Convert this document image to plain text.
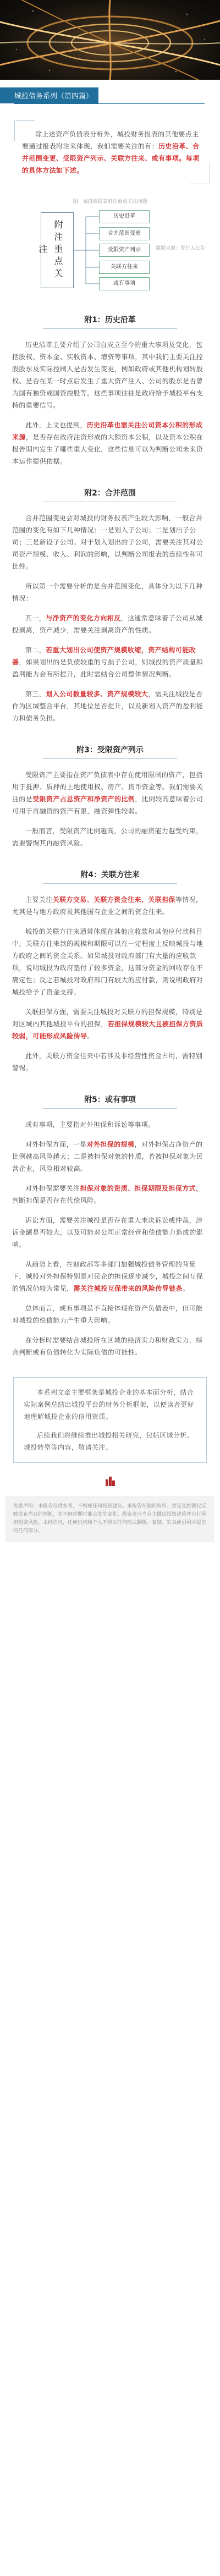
城投债务系列（第四篇）

除上述资产负债表分析外，城投财务报表的其他要点主要通过报表附注来体现，我们需要关注的有：历史沿革、合并范围变更、受限资产列示、关联方往来、或有事项。每项的具体方法如下述。

图：城投债报表附注重点关注问题
附注重点关注
历史沿革
合并范围变更
受限资产列示
关联方往来
或有事项
数据来源：发行人公告
附1：历史沿革

历史沿革主要介绍了公司自成立至今的重大事项及变化，包括股权、资本金、实收资本、增资等事项，其中我们主要关注控股股东及实际控制人是否发生变更，例如政府或其他机构划转股权、是否在某一时点后发生了重大资产注入、公司的股东是否曾为国有独资或国资控股等。这些事项往往是政府给予城投平台支持的重要信号。

此外，上文也提到，历史沿革也需关注公司资本公积的形成来源，是否存在政府注资形成的大额资本公积，以及资本公积在报告期内发生了哪些重大变化，这些信息可以为判断公司未来资本运作提供依据。

附2：合并范围

合并范围变更会对城投的财务报表产生较大影响，一般合并范围的变化有如下几种情况：一是划入子公司；二是划出子公司；三是新设子公司。对于划入划出的子公司，需要关注其对公司资产规模、收入、利润的影响，以判断公司报表的连续性和可比性。

所以第一个需要分析的是合并范围变化，具体分为以下几种情况：

其一，与净资产的变化方向相反，这通常意味着子公司从城投剥离，资产减少，需要关注剥离资产的性质。

第二，若重大划出公司使资产规模收缩，资产结构可能改善，如果划出的是负债较重的亏损子公司，则城投的资产质量和盈利能力会有所提升，此时需结合公司整体情况判断。

第三，划入公司数量较多、资产规模较大，需关注城投是否作为区域整合平台，其地位是否提升，以及新划入资产的盈利能力和债务负担。

附3：受限资产列示

受限资产主要指在资产负债表中存在使用限制的资产，包括用于抵押、质押的土地使用权、房产、货币资金等。我们需要关注的是受限资产占总资产和净资产的比例，比例较高意味着公司可用于再融资的资产有限，融资弹性较弱。

一般而言，受限资产比例越高，公司的融资能力越受约束，需要警惕其再融资风险。

附4：关联方往来

主要关注关联方交易、关联方资金往来、关联担保等情况，尤其是与地方政府及其他国有企业之间的资金往来。

城投的关联方往来通常体现在其他应收款和其他应付款科目中，关联方往来款的规模和期限可以在一定程度上反映城投与地方政府之间的资金关系。如果城投对政府部门有大量的应收款项，说明城投为政府垫付了较多资金，这部分资金的回收存在不确定性；反之若城投对政府部门有较大的应付款，则说明政府对城投给予了资金支持。

关联担保方面，需要关注城投对关联方的担保规模，特别是对区域内其他城投平台的担保，若担保规模较大且被担保方资质较弱，可能形成风险传导。

此外，关联方资金往来中若涉及非经营性资金占用，需特别警惕。

附5：或有事项

或有事项，主要指对外担保和诉讼等事项。

对外担保方面，一是对外担保的规模，对外担保占净资产的比例越高风险越大；二是被担保对象的性质，若被担保对象为民营企业，风险相对较高。

对外担保需要关注担保对象的资质、担保期限及担保方式，判断担保是否存在代偿风险。

诉讼方面，需要关注城投是否存在重大未决诉讼或仲裁，涉诉金额是否较大，以及可能对公司正常经营和偿债能力造成的影响。

从趋势上看，在财政部等多部门加强城投债务管理的背景下，城投对外担保特别是对民企的担保逐步减少，城投之间互保的情况仍较为常见，需关注城投互保带来的风险传导链条。

总体而言，或有事项虽不直接体现在资产负债表中，但可能对城投的偿债能力产生重大影响。

在分析时需要结合城投所在区域的经济实力和财政实力，综合判断或有负债转化为实际负债的可能性。

本系列文章主要框架是城投企业的基本面分析，结合实际案例总结出城投平台的财务分析框架，以便读者更好地理解城投企业的信用资质。

后续我们将继续推出城投相关研究，包括区域分析、城投转型等内容，敬请关注。

免责声明：本报告仅供参考，不构成任何投资建议。本报告所载的资料、意见及推测仅反映发布当日的判断，在不同时期可能会发生变化。投资者应当自主做出投资决策并自行承担投资风险。未经许可，任何机构和个人不得以任何形式翻版、复制、发表或引用本报告的任何部分。
